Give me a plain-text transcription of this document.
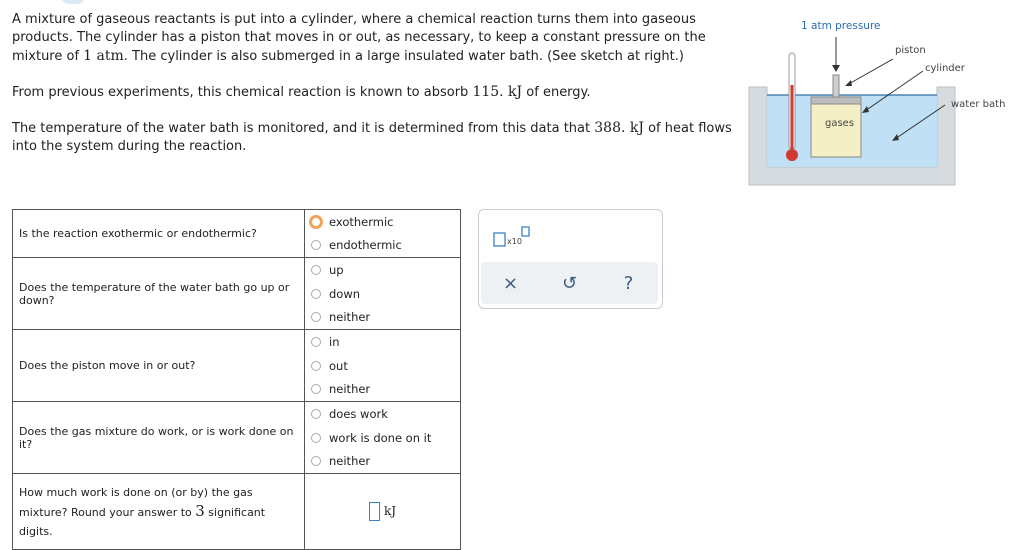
A mixture of gaseous reactants is put into a cylinder, where a chemical reaction turns them into gaseous products. The cylinder has a piston that moves in or out, as necessary, to keep a constant pressure on the mixture of 1 atm. The cylinder is also submerged in a large insulated water bath. (See sketch at right.)
From previous experiments, this chemical reaction is known to absorb 115. kJ of energy.
The temperature of the water bath is monitored, and it is determined from this data that 388. kJ of heat flows into the system during the reaction.
1 atm pressure
piston
cylinder
water bath
gases
Is the reaction exothermic or endothermic?
exothermic
endothermic
Does the temperature of the water bath go up or down?
up
down
neither
Does the piston move in or out?
in
out
neither
Does the gas mixture do work, or is work done on it?
does work
work is done on it
neither
How much work is done on (or by) the gas mixture? Round your answer to 3 significant digits.
kJ
x10
× ↺	?
